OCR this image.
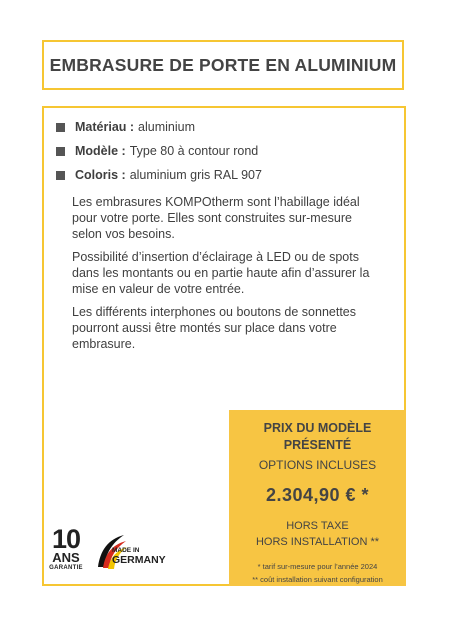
EMBRASURE DE PORTE EN ALUMINIUM
Matériau : aluminium
Modèle : Type 80 à contour rond
Coloris : aluminium gris RAL 907

Les embrasures KOMPOtherm sont l’habillage idéal pour votre porte. Elles sont construites sur-mesure selon vos besoins.

Possibilité d’insertion d’éclairage à LED ou de spots dans les montants ou en partie haute afin d’assurer la mise en valeur de votre entrée.

Les différents interphones ou boutons de sonnettes pourront aussi être montés sur place dans votre embrasure.

PRIX DU MODÈLE
PRÉSENTÉ
OPTIONS INCLUSES
2.304,90 € *
HORS TAXE
HORS INSTALLATION **
* tarif sur-mesure pour l’année 2024
** coût installation suivant configuration
10
ANS
GARANTIE
MADE IN
GERMANY
